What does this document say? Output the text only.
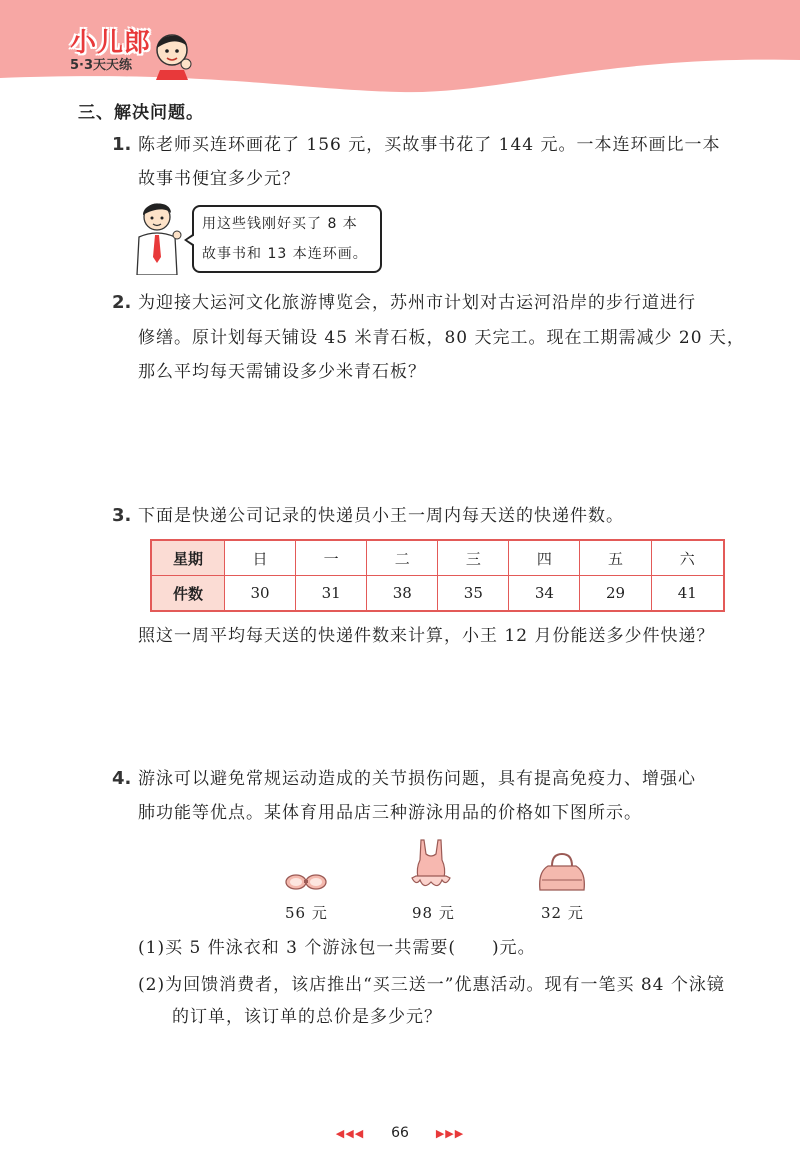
小儿郎
5·3天天练
三、解决问题。
1. 陈老师买连环画花了 156 元，买故事书花了 144 元。一本连环画比一本
故事书便宜多少元？
用这些钱刚好买了 8 本
故事书和 13 本连环画。
2. 为迎接大运河文化旅游博览会，苏州市计划对古运河沿岸的步行道进行
修缮。原计划每天铺设 45 米青石板，80 天完工。现在工期需减少 20 天，
那么平均每天需铺设多少米青石板？
3. 下面是快递公司记录的快递员小王一周内每天送的快递件数。
星期	日	一	二	三	四	五	六
件数	30	31	38	35	34	29	41
照这一周平均每天送的快递件数来计算，小王 12 月份能送多少件快递？
4. 游泳可以避免常规运动造成的关节损伤问题，具有提高免疫力、增强心
肺功能等优点。某体育用品店三种游泳用品的价格如下图所示。
56 元	98 元	32 元
(1)买 5 件泳衣和 3 个游泳包一共需要(　　)元。
(2)为回馈消费者，该店推出“买三送一”优惠活动。现有一笔买 84 个泳镜
的订单，该订单的总价是多少元？
◀◀◀ 66 ▶▶▶
